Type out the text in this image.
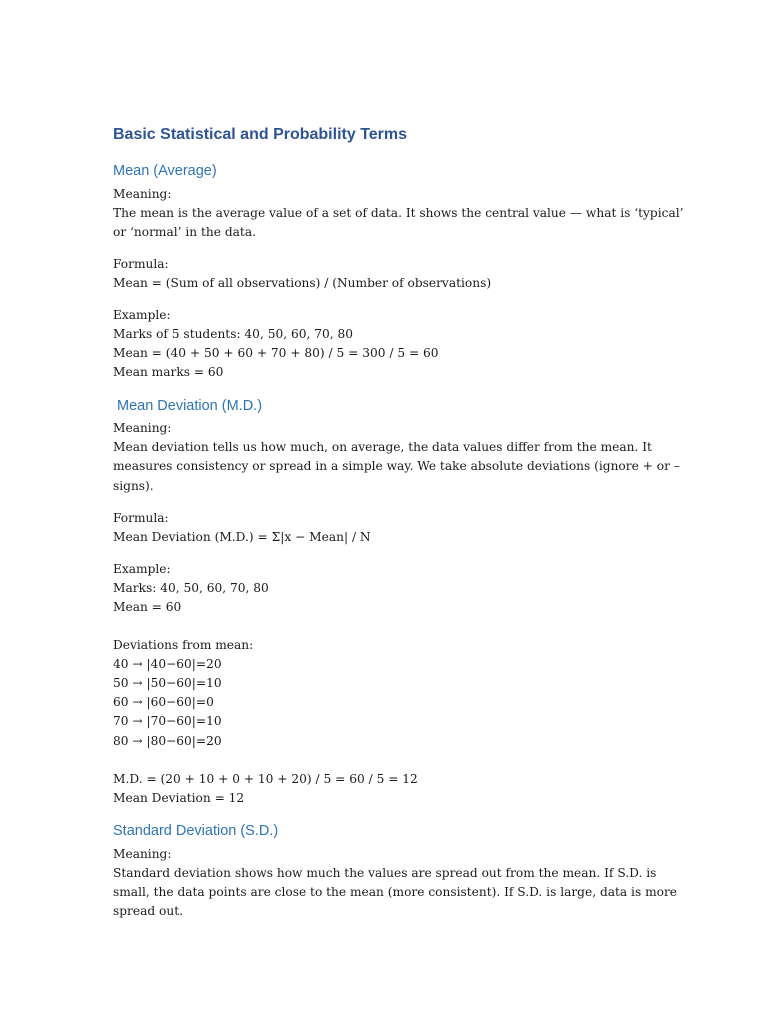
Basic Statistical and Probability Terms
Mean (Average)
Meaning:
The mean is the average value of a set of data. It shows the central value — what is ‘typical’
or ‘normal’ in the data.
Formula:
Mean = (Sum of all observations) / (Number of observations)
Example:
Marks of 5 students: 40, 50, 60, 70, 80
Mean = (40 + 50 + 60 + 70 + 80) / 5 = 300 / 5 = 60
Mean marks = 60
Mean Deviation (M.D.)
Meaning:
Mean deviation tells us how much, on average, the data values differ from the mean. It
measures consistency or spread in a simple way. We take absolute deviations (ignore + or –
signs).
Formula:
Mean Deviation (M.D.) = Σ|x − Mean| / N
Example:
Marks: 40, 50, 60, 70, 80
Mean = 60
Deviations from mean:
40 → |40−60|=20
50 → |50−60|=10
60 → |60−60|=0
70 → |70−60|=10
80 → |80−60|=20
M.D. = (20 + 10 + 0 + 10 + 20) / 5 = 60 / 5 = 12
Mean Deviation = 12
Standard Deviation (S.D.)
Meaning:
Standard deviation shows how much the values are spread out from the mean. If S.D. is
small, the data points are close to the mean (more consistent). If S.D. is large, data is more
spread out.
